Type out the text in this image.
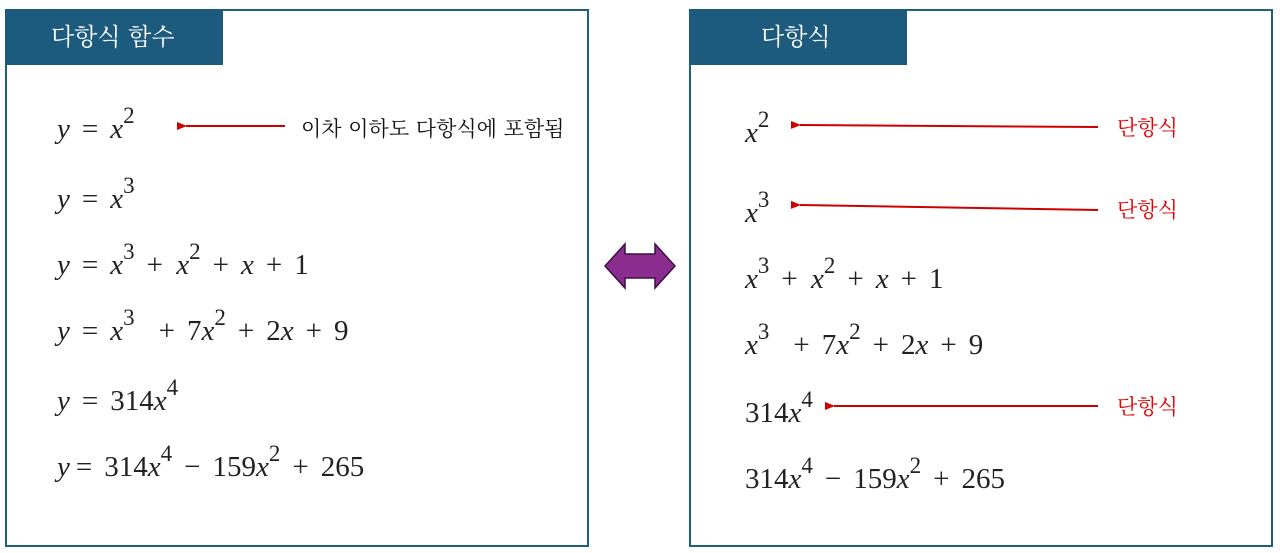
다항식 함수
$y = x^2$
이차 이하도 다항식에 포함됨
$y = x^3$
$y = x^3 + x^2 + x + 1$
$y = x^3 + 7x^2 + 2x + 9$
$y = 314x^4$
$y = 314x^4 - 159x^2 + 265$
다항식
$x^2$
$x^3$
$x^3 + x^2 + x + 1$
$x^3 + 7x^2 + 2x + 9$
$314x^4$
$314x^4 - 159x^2 + 265$
단항식
단항식
단항식
